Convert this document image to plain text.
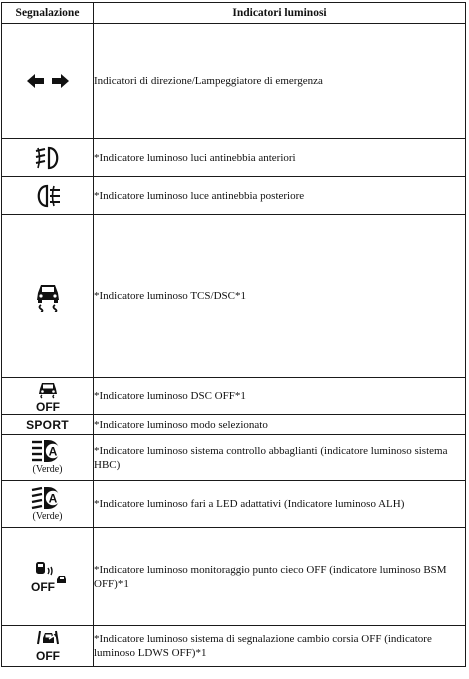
Segnalazione	Indicatori luminosi

	Indicatori di direzione/Lampeggiatore di emergenza

	*Indicatore luminoso luci antinebbia anteriori

	*Indicatore luminoso luce antinebbia posteriore

	*Indicatore luminoso TCS/DSC*1

OFF	*Indicatore luminoso DSC OFF*1
SPORT	*Indicatore luminoso modo selezionato

A
(Verde)	*Indicatore luminoso sistema controllo abbaglianti (indicatore luminoso sistema HBC)

A
(Verde)	*Indicatore luminoso fari a LED adattativi (Indicatore luminoso ALH)

OFF	*Indicatore luminoso monitoraggio punto cieco OFF (indicatore luminoso BSM OFF)*1

OFF	*Indicatore luminoso sistema di segnalazione cambio corsia OFF (indicatore luminoso LDWS OFF)*1
